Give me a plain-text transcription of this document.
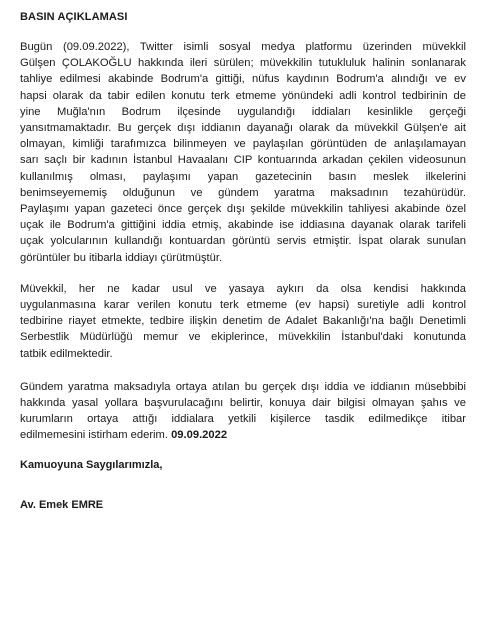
BASIN AÇIKLAMASI

Bugün (09.09.2022), Twitter isimli sosyal medya platformu üzerinden müvekkil

Gülşen ÇOLAKOĞLU hakkında ileri sürülen; müvekkilin tutukluluk halinin sonlanarak

tahliye edilmesi akabinde Bodrum'a gittiği, nüfus kaydının Bodrum'a alındığı ve ev

hapsi olarak da tabir edilen konutu terk etmeme yönündeki adli kontrol tedbirinin de

yine Muğla'nın Bodrum ilçesinde uygulandığı iddiaları kesinlikle gerçeği

yansıtmamaktadır. Bu gerçek dışı iddianın dayanağı olarak da müvekkil Gülşen'e ait

olmayan, kimliği tarafımızca bilinmeyen ve paylaşılan görüntüden de anlaşılamayan

sarı saçlı bir kadının İstanbul Havaalanı CIP kontuarında arkadan çekilen videosunun

kullanılmış olması, paylaşımı yapan gazetecinin basın meslek ilkelerini

benimseyememiş olduğunun ve gündem yaratma maksadının tezahürüdür.

Paylaşımı yapan gazeteci önce gerçek dışı şekilde müvekkilin tahliyesi akabinde özel

uçak ile Bodrum'a gittiğini iddia etmiş, akabinde ise iddiasına dayanak olarak tarifeli

uçak yolcularının kullandığı kontuardan görüntü servis etmiştir. İspat olarak sunulan

görüntüler bu itibarla iddiayı çürütmüştür.

Müvekkil, her ne kadar usul ve yasaya aykırı da olsa kendisi hakkında

uygulanmasına karar verilen konutu terk etmeme (ev hapsi) suretiyle adli kontrol

tedbirine riayet etmekte, tedbire ilişkin denetim de Adalet Bakanlığı'na bağlı Denetimli

Serbestlik Müdürlüğü memur ve ekiplerince, müvekkilin İstanbul'daki konutunda

tatbik edilmektedir.

Gündem yaratma maksadıyla ortaya atılan bu gerçek dışı iddia ve iddianın müsebbibi

hakkında yasal yollara başvurulacağını belirtir, konuya dair bilgisi olmayan şahıs ve

kurumların ortaya attığı iddialara yetkili kişilerce tasdik edilmedikçe itibar

edilmemesini istirham ederim. 09.09.2022

Kamuoyuna Saygılarımızla,
Av. Emek EMRE
